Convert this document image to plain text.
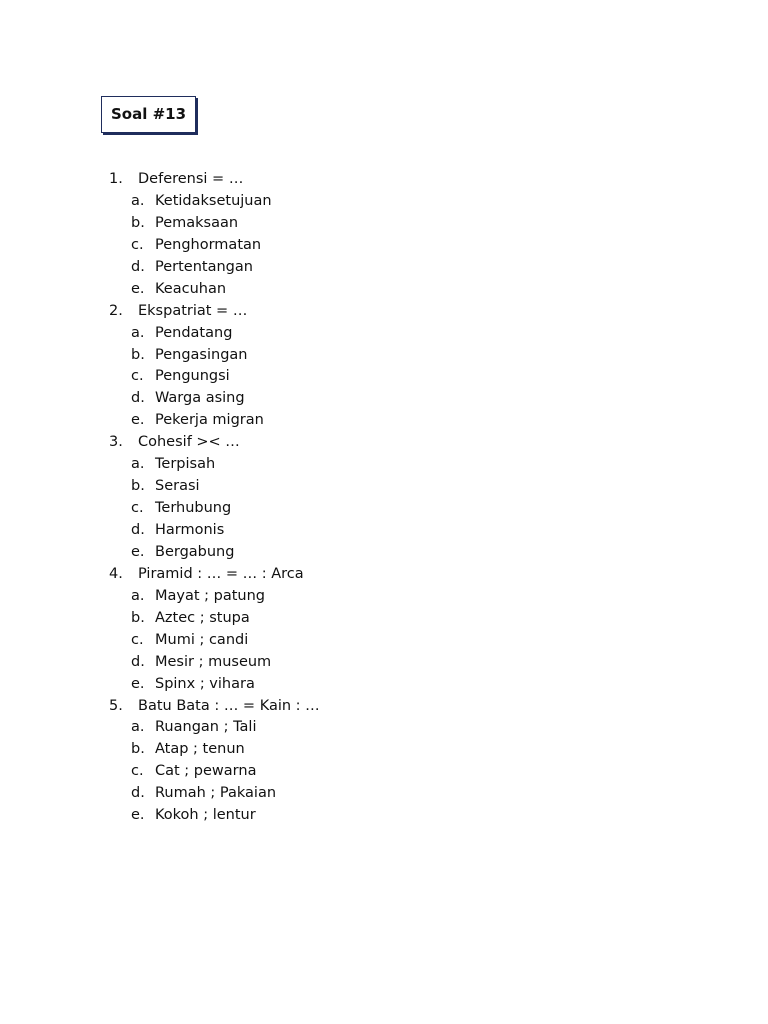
Soal #13
1. Deferensi = …
a. Ketidaksetujuan
b. Pemaksaan
c. Penghormatan
d. Pertentangan
e. Keacuhan
2. Ekspatriat = …
a. Pendatang
b. Pengasingan
c. Pengungsi
d. Warga asing
e. Pekerja migran
3. Cohesif >< …
a. Terpisah
b. Serasi
c. Terhubung
d. Harmonis
e. Bergabung
4. Piramid : … = … : Arca
a. Mayat ; patung
b. Aztec ; stupa
c. Mumi ; candi
d. Mesir ; museum
e. Spinx ; vihara
5. Batu Bata : … = Kain : …
a. Ruangan ; Tali
b. Atap ; tenun
c. Cat ; pewarna
d. Rumah ; Pakaian
e. Kokoh ; lentur
